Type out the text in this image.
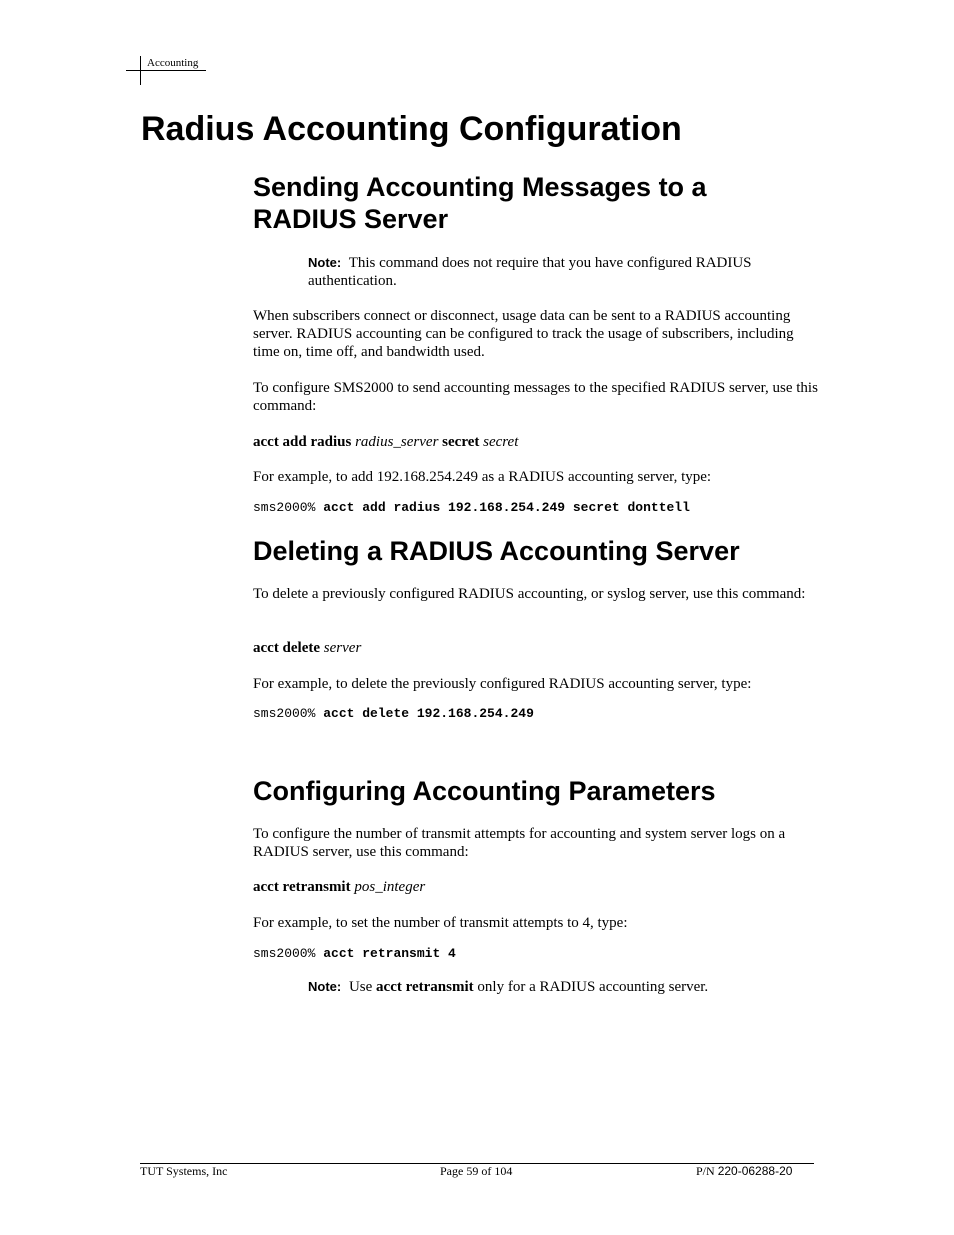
Accounting
Radius Accounting Configuration
Sending Accounting Messages to a
RADIUS Server
Note: This command does not require that you have configured RADIUS authentication.
When subscribers connect or disconnect, usage data can be sent to a RADIUS accounting server. RADIUS accounting can be configured to track the usage of subscribers, including time on, time off, and bandwidth used.
To configure SMS2000 to send accounting messages to the specified RADIUS server, use this command:
acct add radius radius_server secret secret
For example, to add 192.168.254.249 as a RADIUS accounting server, type:
sms2000% acct add radius 192.168.254.249 secret donttell
Deleting a RADIUS Accounting Server
To delete a previously configured RADIUS accounting, or syslog server, use this command:
acct delete server
For example, to delete the previously configured RADIUS accounting server, type:
sms2000% acct delete 192.168.254.249
Configuring Accounting Parameters
To configure the number of transmit attempts for accounting and system server logs on a RADIUS server, use this command:
acct retransmit pos_integer
For example, to set the number of transmit attempts to 4, type:
sms2000% acct retransmit 4
Note: Use acct retransmit only for a RADIUS accounting server.
TUT Systems, Inc	Page 59 of 104	P/N 220-06288-20
